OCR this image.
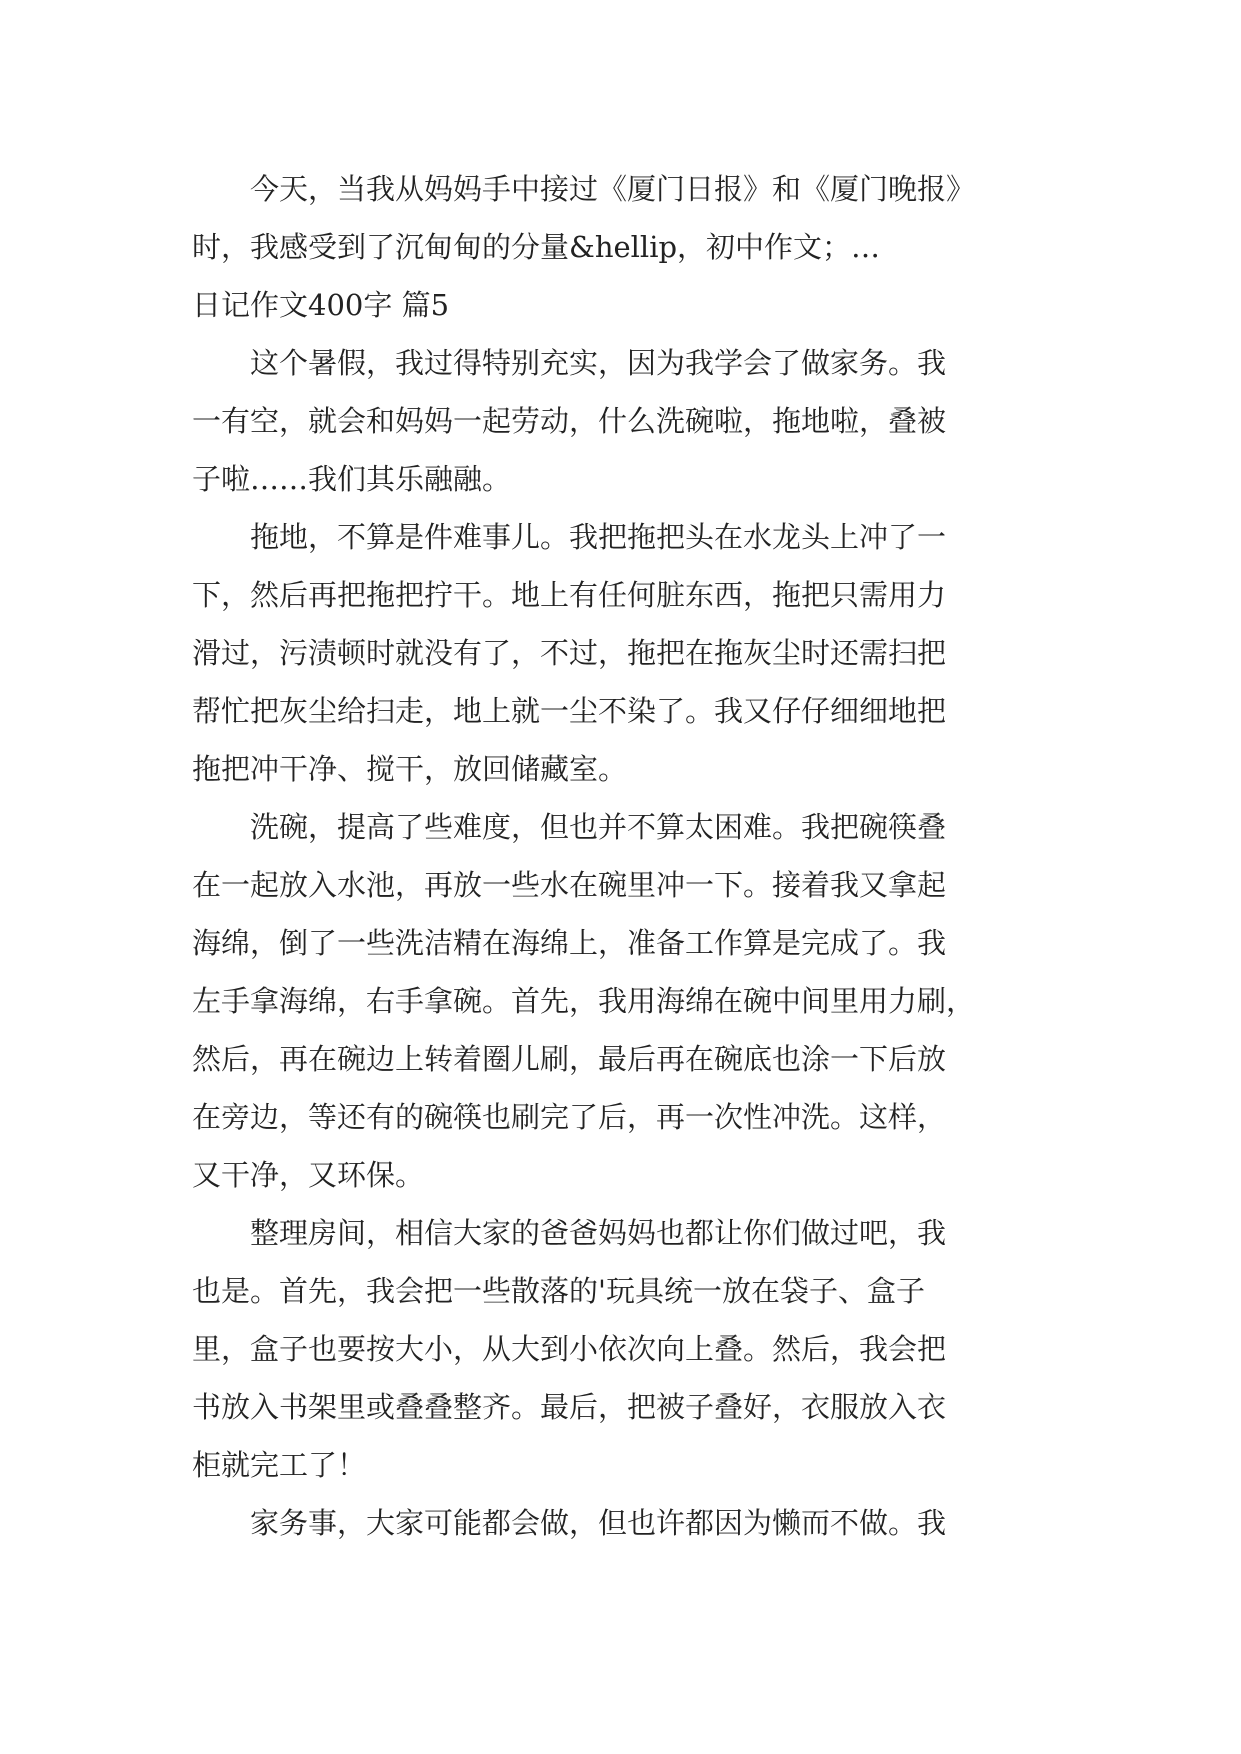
　　今天，当我从妈妈手中接过《厦门日报》和《厦门晚报》
时，我感受到了沉甸甸的分量&hellip，初中作文；…
日记作文400字 篇5
　　这个暑假，我过得特别充实，因为我学会了做家务。我
一有空，就会和妈妈一起劳动，什么洗碗啦，拖地啦，叠被
子啦……我们其乐融融。
　　拖地，不算是件难事儿。我把拖把头在水龙头上冲了一
下，然后再把拖把拧干。地上有任何脏东西，拖把只需用力
滑过，污渍顿时就没有了，不过，拖把在拖灰尘时还需扫把
帮忙把灰尘给扫走，地上就一尘不染了。我又仔仔细细地把
拖把冲干净、搅干，放回储藏室。
　　洗碗，提高了些难度，但也并不算太困难。我把碗筷叠
在一起放入水池，再放一些水在碗里冲一下。接着我又拿起
海绵，倒了一些洗洁精在海绵上，准备工作算是完成了。我
左手拿海绵，右手拿碗。首先，我用海绵在碗中间里用力刷，
然后，再在碗边上转着圈儿刷，最后再在碗底也涂一下后放
在旁边，等还有的碗筷也刷完了后，再一次性冲洗。这样，
又干净，又环保。
　　整理房间，相信大家的爸爸妈妈也都让你们做过吧，我
也是。首先，我会把一些散落的'玩具统一放在袋子、盒子
里，盒子也要按大小，从大到小依次向上叠。然后，我会把
书放入书架里或叠叠整齐。最后，把被子叠好，衣服放入衣
柜就完工了！
　　家务事，大家可能都会做，但也许都因为懒而不做。我
